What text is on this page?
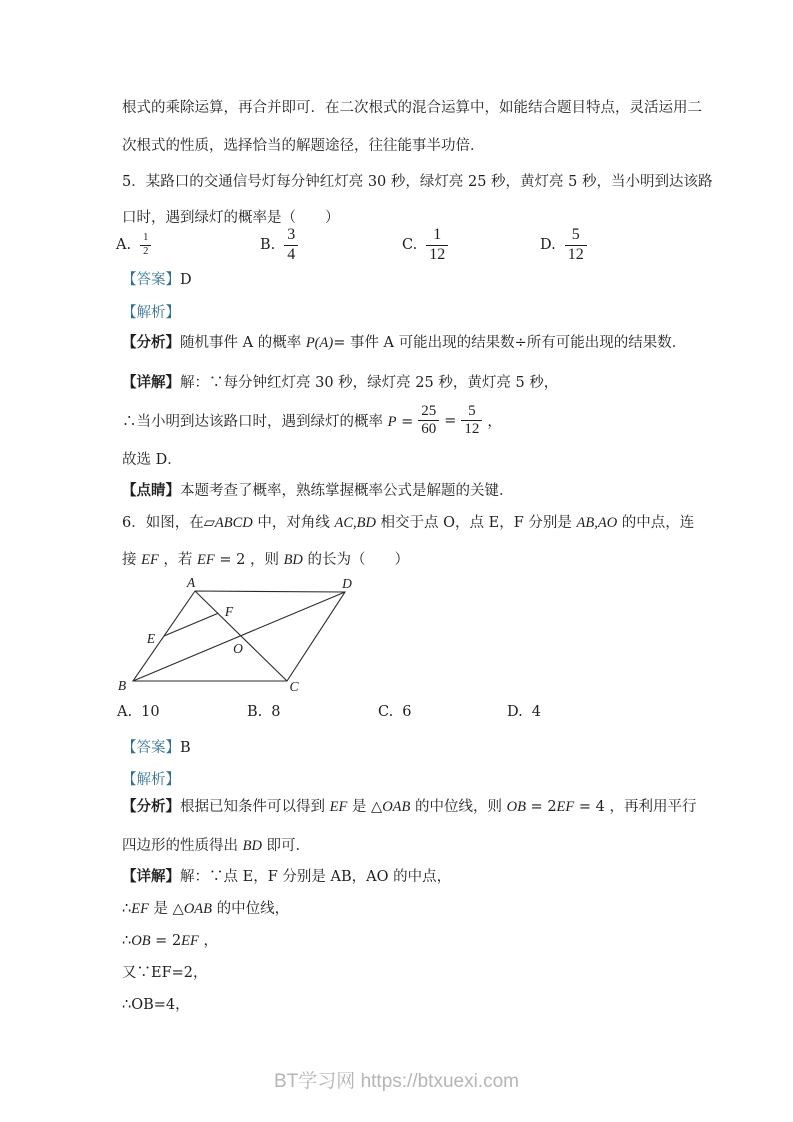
根式的乘除运算，再合并即可．在二次根式的混合运算中，如能结合题目特点，灵活运用二
次根式的性质，选择恰当的解题途径，往往能事半功倍．
5．某路口的交通信号灯每分钟红灯亮 30 秒，绿灯亮 25 秒，黄灯亮 5 秒，当小明到达该路
口时，遇到绿灯的概率是（　　）
A. $\frac{1}{2}$	B. $\frac{3}{4}$	C. $\frac{1}{12}$	D. $\frac{5}{12}$
【答案】D
【解析】
【分析】随机事件 A 的概率 P(A)= 事件 A 可能出现的结果数÷所有可能出现的结果数．
【详解】解：∵每分钟红灯亮 30 秒，绿灯亮 25 秒，黄灯亮 5 秒，
∴当小明到达该路口时，遇到绿灯的概率 $P = \frac{25}{60} = \frac{5}{12}$ ，
故选 D．
【点睛】本题考查了概率，熟练掌握概率公式是解题的关键．
6．如图，在▱ABCD 中，对角线 AC,BD 相交于点 O，点 E，F 分别是 AB,AO 的中点，连
接 EF ，若 EF = 2 ，则 BD 的长为（　　）
A	D
B	C
E
F
O
A. 10	B. 8	C. 6	D. 4
【答案】B
【解析】
【分析】根据已知条件可以得到 EF 是 △OAB 的中位线，则 OB = 2EF = 4 ，再利用平行
四边形的性质得出 BD 即可．
【详解】解：∵点 E，F 分别是 AB，AO 的中点，
∴EF 是 △OAB 的中位线，
∴OB = 2EF ，
又∵EF=2，
∴OB=4，
BT学习网 https://btxuexi.com
